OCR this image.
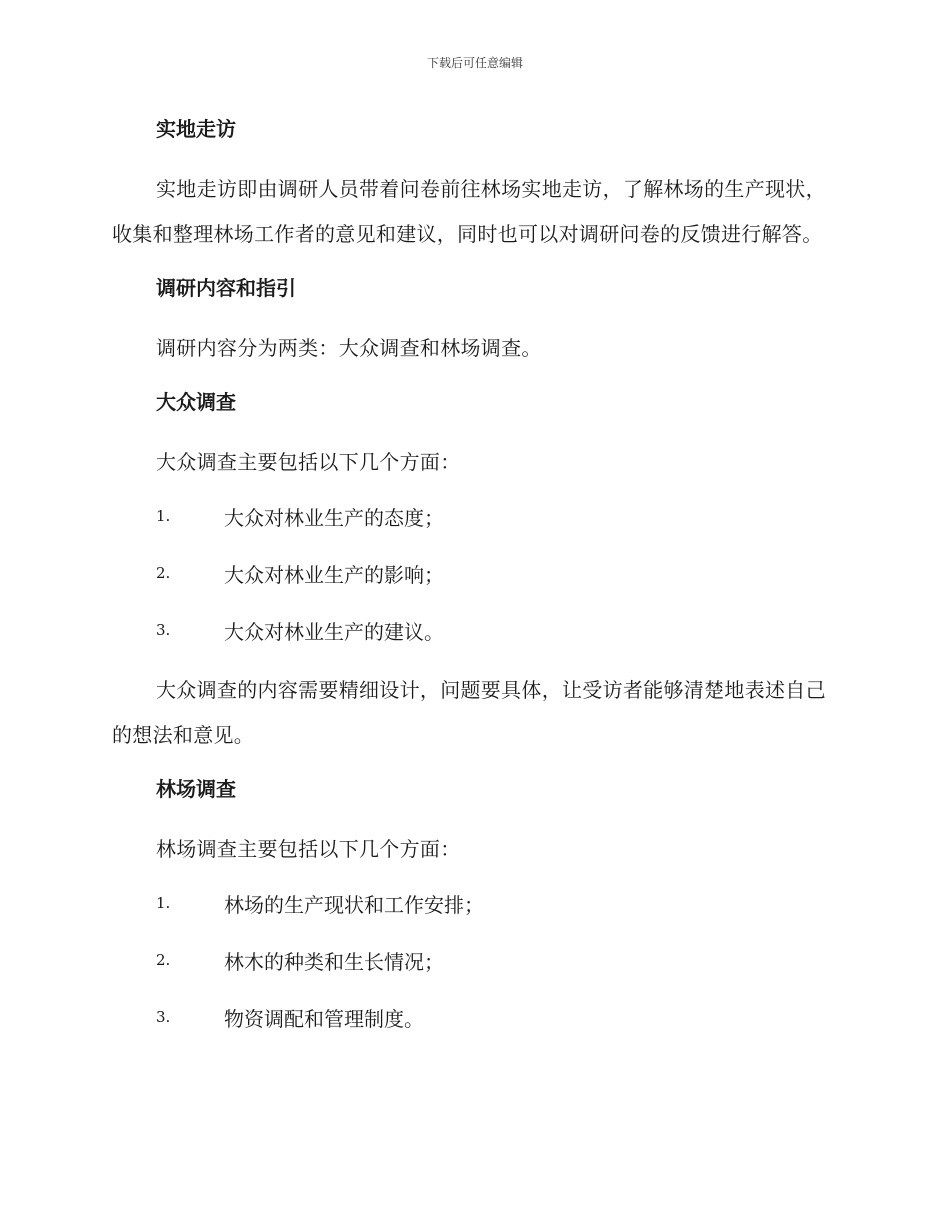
下载后可任意编辑
实地走访
实地走访即由调研人员带着问卷前往林场实地走访，了解林场的生产现状，收集和整理林场工作者的意见和建议，同时也可以对调研问卷的反馈进行解答。
调研内容和指引
调研内容分为两类：大众调查和林场调查。
大众调查
大众调查主要包括以下几个方面：
1.	大众对林业生产的态度；
2.	大众对林业生产的影响；
3.	大众对林业生产的建议。
大众调查的内容需要精细设计，问题要具体，让受访者能够清楚地表述自己的想法和意见。
林场调查
林场调查主要包括以下几个方面：
1.	林场的生产现状和工作安排；
2.	林木的种类和生长情况；
3.	物资调配和管理制度。
